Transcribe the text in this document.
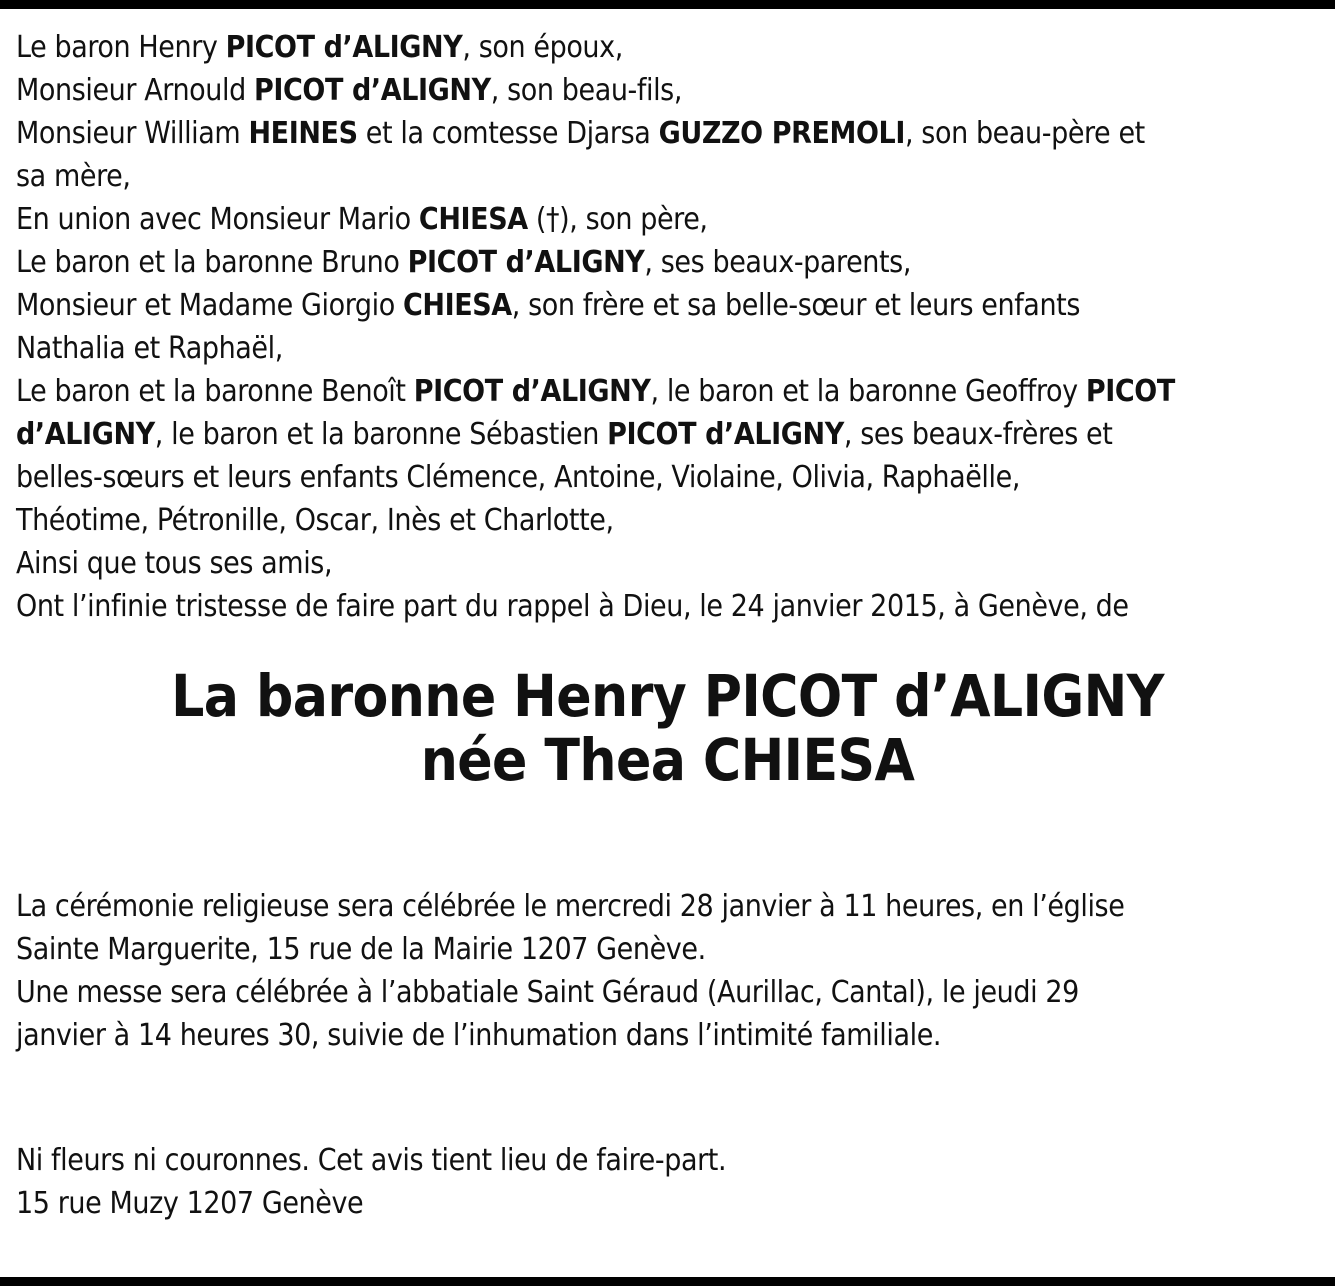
Le baron Henry PICOT d’ALIGNY, son époux,

Monsieur Arnould PICOT d’ALIGNY, son beau-fils,

Monsieur William HEINES et la comtesse Djarsa GUZZO PREMOLI, son beau-père et

sa mère,

En union avec Monsieur Mario CHIESA (†), son père,

Le baron et la baronne Bruno PICOT d’ALIGNY, ses beaux-parents,

Monsieur et Madame Giorgio CHIESA, son frère et sa belle-sœur et leurs enfants

Nathalia et Raphaël,

Le baron et la baronne Benoît PICOT d’ALIGNY, le baron et la baronne Geoffroy PICOT

d’ALIGNY, le baron et la baronne Sébastien PICOT d’ALIGNY, ses beaux-frères et

belles-sœurs et leurs enfants Clémence, Antoine, Violaine, Olivia, Raphaëlle,

Théotime, Pétronille, Oscar, Inès et Charlotte,

Ainsi que tous ses amis,

Ont l’infinie tristesse de faire part du rappel à Dieu, le 24 janvier 2015, à Genève, de

La baronne Henry PICOT d’ALIGNY
née Thea CHIESA

La cérémonie religieuse sera célébrée le mercredi 28 janvier à 11 heures, en l’église

Sainte Marguerite, 15 rue de la Mairie 1207 Genève.

Une messe sera célébrée à l’abbatiale Saint Géraud (Aurillac, Cantal), le jeudi 29

janvier à 14 heures 30, suivie de l’inhumation dans l’intimité familiale.

Ni fleurs ni couronnes. Cet avis tient lieu de faire-part.

15 rue Muzy 1207 Genève
